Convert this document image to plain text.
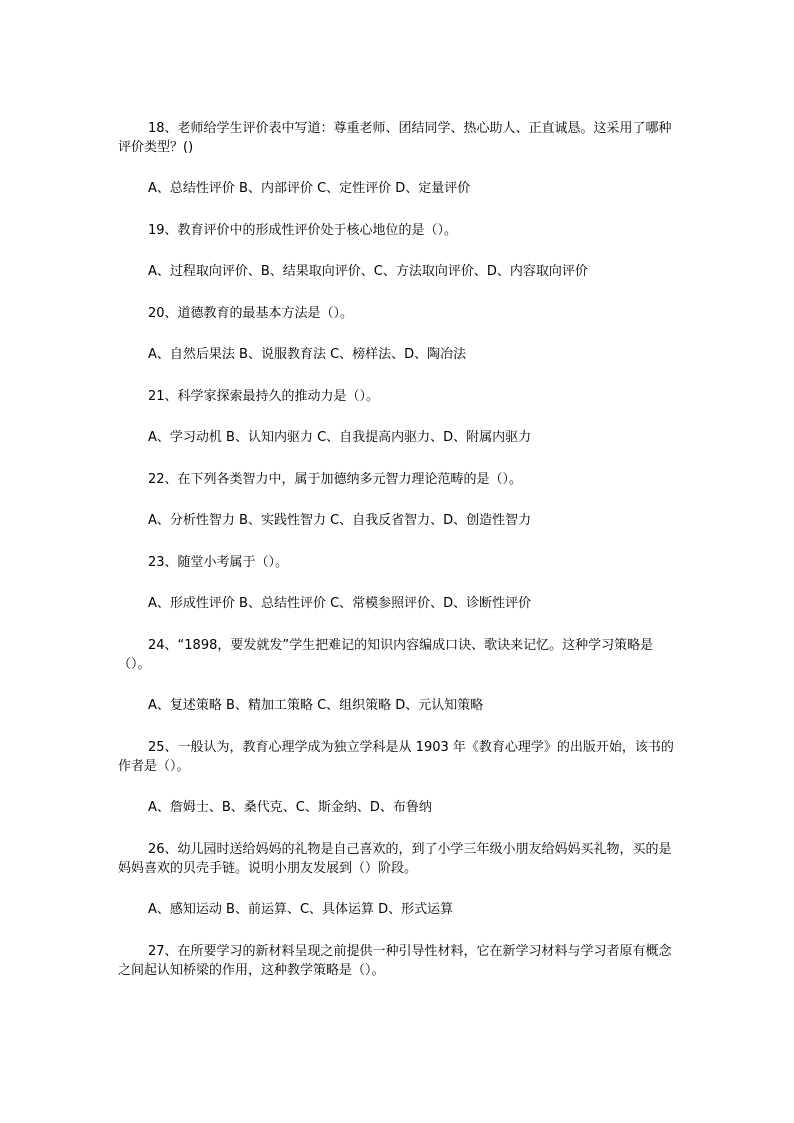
18、老师给学生评价表中写道：尊重老师、团结同学、热心助人、正直诚恳。这采用了哪种评价类型？()

A、总结性评价 B、内部评价 C、定性评价 D、定量评价

19、教育评价中的形成性评价处于核心地位的是（）。

A、过程取向评价、B、结果取向评价、C、方法取向评价、D、内容取向评价

20、道德教育的最基本方法是（）。

A、自然后果法 B、说服教育法 C、榜样法、D、陶冶法

21、科学家探索最持久的推动力是（）。

A、学习动机 B、认知内驱力 C、自我提高内驱力、D、附属内驱力

22、在下列各类智力中，属于加德纳多元智力理论范畴的是（）。

A、分析性智力 B、实践性智力 C、自我反省智力、D、创造性智力

23、随堂小考属于（）。

A、形成性评价 B、总结性评价 C、常模参照评价、D、诊断性评价

24、“1898，要发就发”学生把难记的知识内容编成口诀、歌诀来记忆。这种学习策略是（）。

A、复述策略 B、精加工策略 C、组织策略 D、元认知策略

25、一般认为，教育心理学成为独立学科是从 1903 年《教育心理学》的出版开始，该书的作者是（）。

A、詹姆士、B、桑代克、C、斯金纳、D、布鲁纳

26、幼儿园时送给妈妈的礼物是自己喜欢的，到了小学三年级小朋友给妈妈买礼物，买的是妈妈喜欢的贝壳手链。说明小朋友发展到（）阶段。

A、感知运动 B、前运算、C、具体运算 D、形式运算

27、在所要学习的新材料呈现之前提供一种引导性材料，它在新学习材料与学习者原有概念之间起认知桥梁的作用，这种教学策略是（）。
